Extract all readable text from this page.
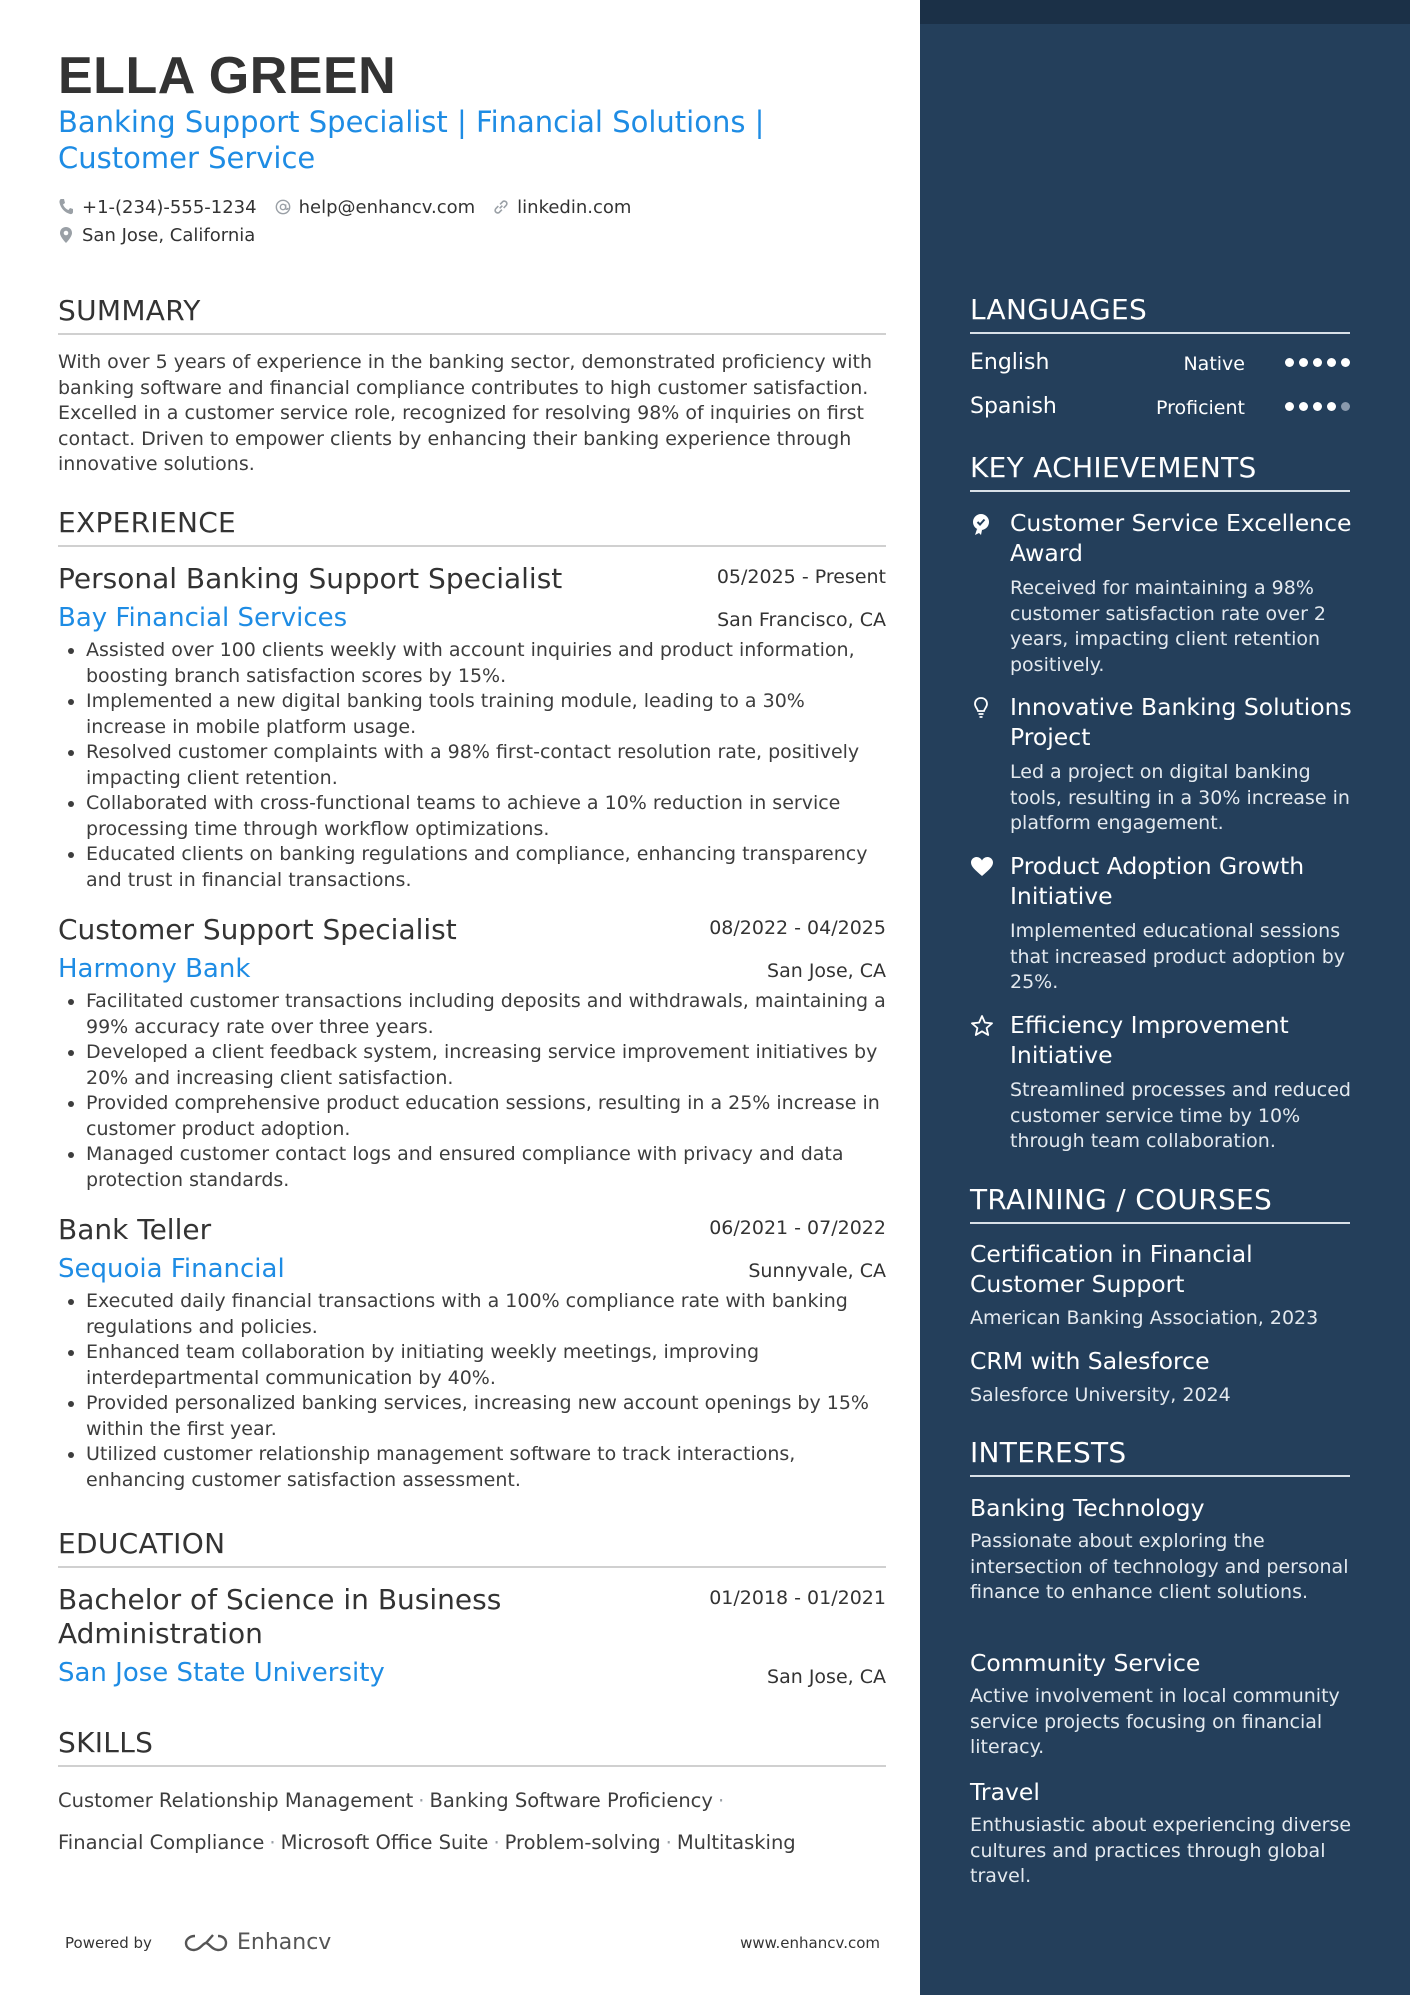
ELLA GREEN

Banking Support Specialist | Financial Solutions | Customer Service

+1-(234)-555-1234 help@enhancv.com linkedin.com
San Jose, California
SUMMARY

With over 5 years of experience in the banking sector, demonstrated proficiency with banking software and financial compliance contributes to high customer satisfaction. Excelled in a customer service role, recognized for resolving 98% of inquiries on first contact. Driven to empower clients by enhancing their banking experience through innovative solutions.

EXPERIENCE
Personal Banking Support Specialist	05/2025 - Present
Bay Financial Services	San Francisco, CA
• Assisted over 100 clients weekly with account inquiries and product information, boosting branch satisfaction scores by 15%.
• Implemented a new digital banking tools training module, leading to a 30% increase in mobile platform usage.
• Resolved customer complaints with a 98% first-contact resolution rate, positively impacting client retention.
• Collaborated with cross-functional teams to achieve a 10% reduction in service processing time through workflow optimizations.
• Educated clients on banking regulations and compliance, enhancing transparency and trust in financial transactions.
Customer Support Specialist	08/2022 - 04/2025
Harmony Bank	San Jose, CA
• Facilitated customer transactions including deposits and withdrawals, maintaining a 99% accuracy rate over three years.
• Developed a client feedback system, increasing service improvement initiatives by 20% and increasing client satisfaction.
• Provided comprehensive product education sessions, resulting in a 25% increase in customer product adoption.
• Managed customer contact logs and ensured compliance with privacy and data protection standards.
Bank Teller	06/2021 - 07/2022
Sequoia Financial	Sunnyvale, CA
• Executed daily financial transactions with a 100% compliance rate with banking regulations and policies.
• Enhanced team collaboration by initiating weekly meetings, improving interdepartmental communication by 40%.
• Provided personalized banking services, increasing new account openings by 15% within the first year.
• Utilized customer relationship management software to track interactions, enhancing customer satisfaction assessment.
EDUCATION
Bachelor of Science in Business Administration
01/2018 - 01/2021
San Jose State University	San Jose, CA
SKILLS
Customer Relationship Management · Banking Software Proficiency ·
Financial Compliance · Microsoft Office Suite · Problem-solving · Multitasking
Powered by	Enhancv	www.enhancv.com
LANGUAGES
English	Native
Spanish	Proficient
KEY ACHIEVEMENTS
Customer Service Excellence Award
Received for maintaining a 98% customer satisfaction rate over 2 years, impacting client retention positively.
Innovative Banking Solutions Project
Led a project on digital banking tools, resulting in a 30% increase in platform engagement.
Product Adoption Growth Initiative
Implemented educational sessions that increased product adoption by 25%.
Efficiency Improvement Initiative
Streamlined processes and reduced customer service time by 10% through team collaboration.
TRAINING / COURSES
Certification in Financial Customer Support
American Banking Association, 2023
CRM with Salesforce
Salesforce University, 2024
INTERESTS
Banking Technology
Passionate about exploring the intersection of technology and personal finance to enhance client solutions.
Community Service
Active involvement in local community service projects focusing on financial literacy.
Travel
Enthusiastic about experiencing diverse cultures and practices through global travel.
